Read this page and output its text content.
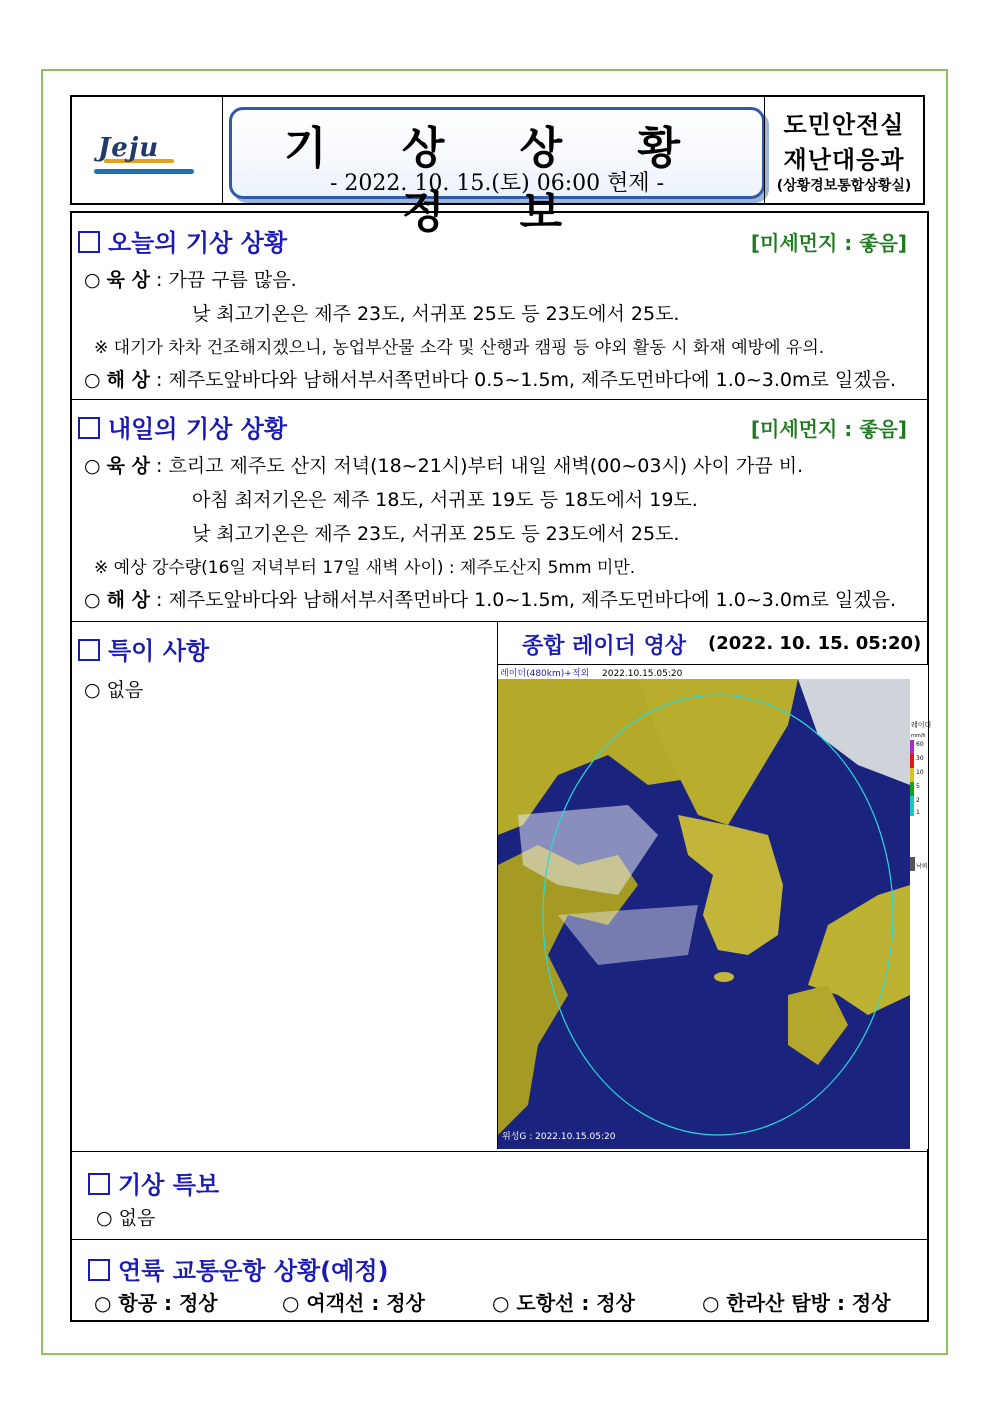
Jeju	기 상 상 황 정 보
- 2022. 10. 15.(토) 06:00 현제 -
도민안전실
재난대응과
(상황경보통합상황실)
오늘의 기상 상황	[미세먼지 : 좋음]
○ 육 상 : 가끔 구름 많음.
낮 최고기온은 제주 23도, 서귀포 25도 등 23도에서 25도.
※ 대기가 차차 건조해지겠으니, 농업부산물 소각 및 산행과 캠핑 등 야외 활동 시 화재 예방에 유의.
○ 해 상 : 제주도앞바다와 남해서부서쪽먼바다 0.5~1.5m, 제주도먼바다에 1.0~3.0m로 일겠음.
내일의 기상 상황	[미세먼지 : 좋음]
○ 육 상 : 흐리고 제주도 산지 저녁(18~21시)부터 내일 새벽(00~03시) 사이 가끔 비.
아침 최저기온은 제주 18도, 서귀포 19도 등 18도에서 19도.
낮 최고기온은 제주 23도, 서귀포 25도 등 23도에서 25도.
※ 예상 강수량(16일 저녁부터 17일 새벽 사이) : 제주도산지 5mm 미만.
○ 해 상 : 제주도앞바다와 남해서부서쪽먼바다 1.0~1.5m, 제주도먼바다에 1.0~3.0m로 일겠음.
특이 사항
○ 없음
종합 레이더 영상 (2022. 10. 15. 05:20)
레이더(480km)+적외 2022.10.15.05:20
레이더
mm/h
60
30
10
5
2
1
낙뢰
위성G : 2022.10.15.05:20
기상 특보
○ 없음
연륙 교통운항 상황(예정)
○ 항공 : 정상	○ 여객선 : 정상	○ 도항선 : 정상	○ 한라산 탐방 : 정상
